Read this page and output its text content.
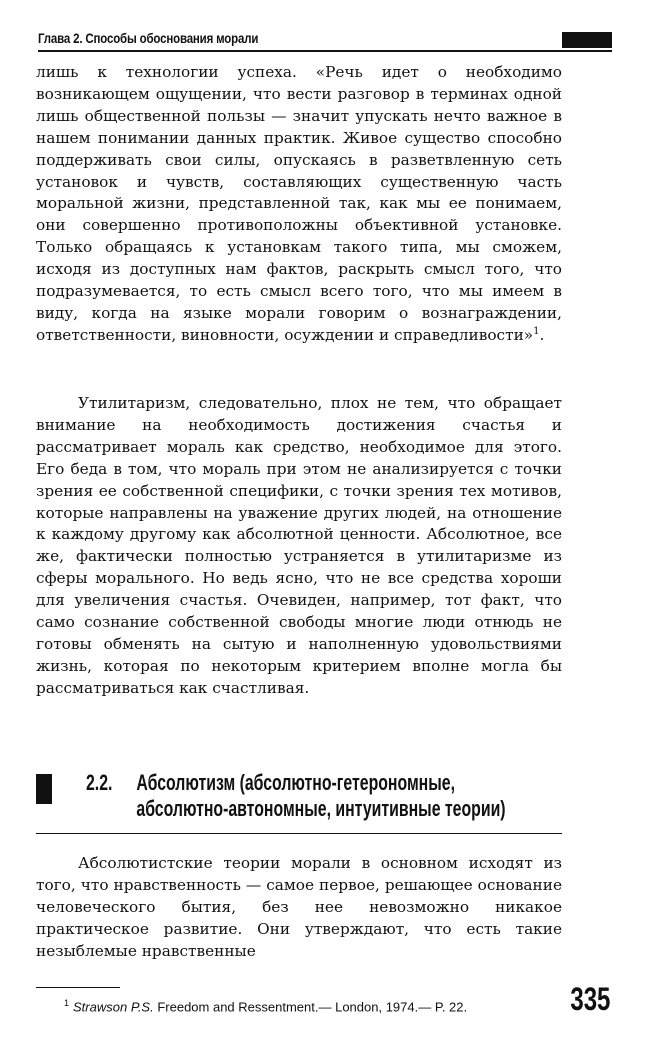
Глава 2. Способы обоснования морали

лишь к технологии успеха. «Речь идет о необходимо возникающем ощущении, что вести разговор в терминах одной лишь общественной пользы — значит упускать нечто важное в нашем понимании данных практик. Живое существо способно поддерживать свои силы, опускаясь в разветвленную сеть установок и чувств, составляющих существенную часть моральной жизни, представленной так, как мы ее понимаем, они совершенно противоположны объективной установке. Только обращаясь к установкам такого типа, мы сможем, исходя из доступных нам фактов, раскрыть смысл того, что подразумевается, то есть смысл всего того, что мы имеем в виду, когда на языке морали говорим о вознаграждении, ответственности, виновности, осуждении и справедливости»$^1$.

Утилитаризм, следовательно, плох не тем, что обращает внимание на необходимость достижения счастья и рассматривает мораль как средство, необходимое для этого. Его беда в том, что мораль при этом не анализируется с точки зрения ее собственной специфики, с точки зрения тех мотивов, которые направлены на уважение других людей, на отношение к каждому другому как абсолютной ценности. Абсолютное, все же, фактически полностью устраняется в утилитаризме из сферы морального. Но ведь ясно, что не все средства хороши для увеличения счастья. Очевиден, например, тот факт, что само сознание собственной свободы многие люди отнюдь не готовы обменять на сытую и наполненную удовольствиями жизнь, которая по некоторым критерием вполне могла бы рассматриваться как счастливая.

2.2. Абсолютизм (абсолютно-гетерономные,
абсолютно-автономные, интуитивные теории)

Абсолютистские теории морали в основном исходят из того, что нравственность — самое первое, решающее основание человеческого бытия, без нее невозможно никакое практическое развитие. Они утверждают, что есть такие незыблемые нравственные

$^1$ Strawson P.S. Freedom and Ressentment.— London, 1974.— P. 22.	335
